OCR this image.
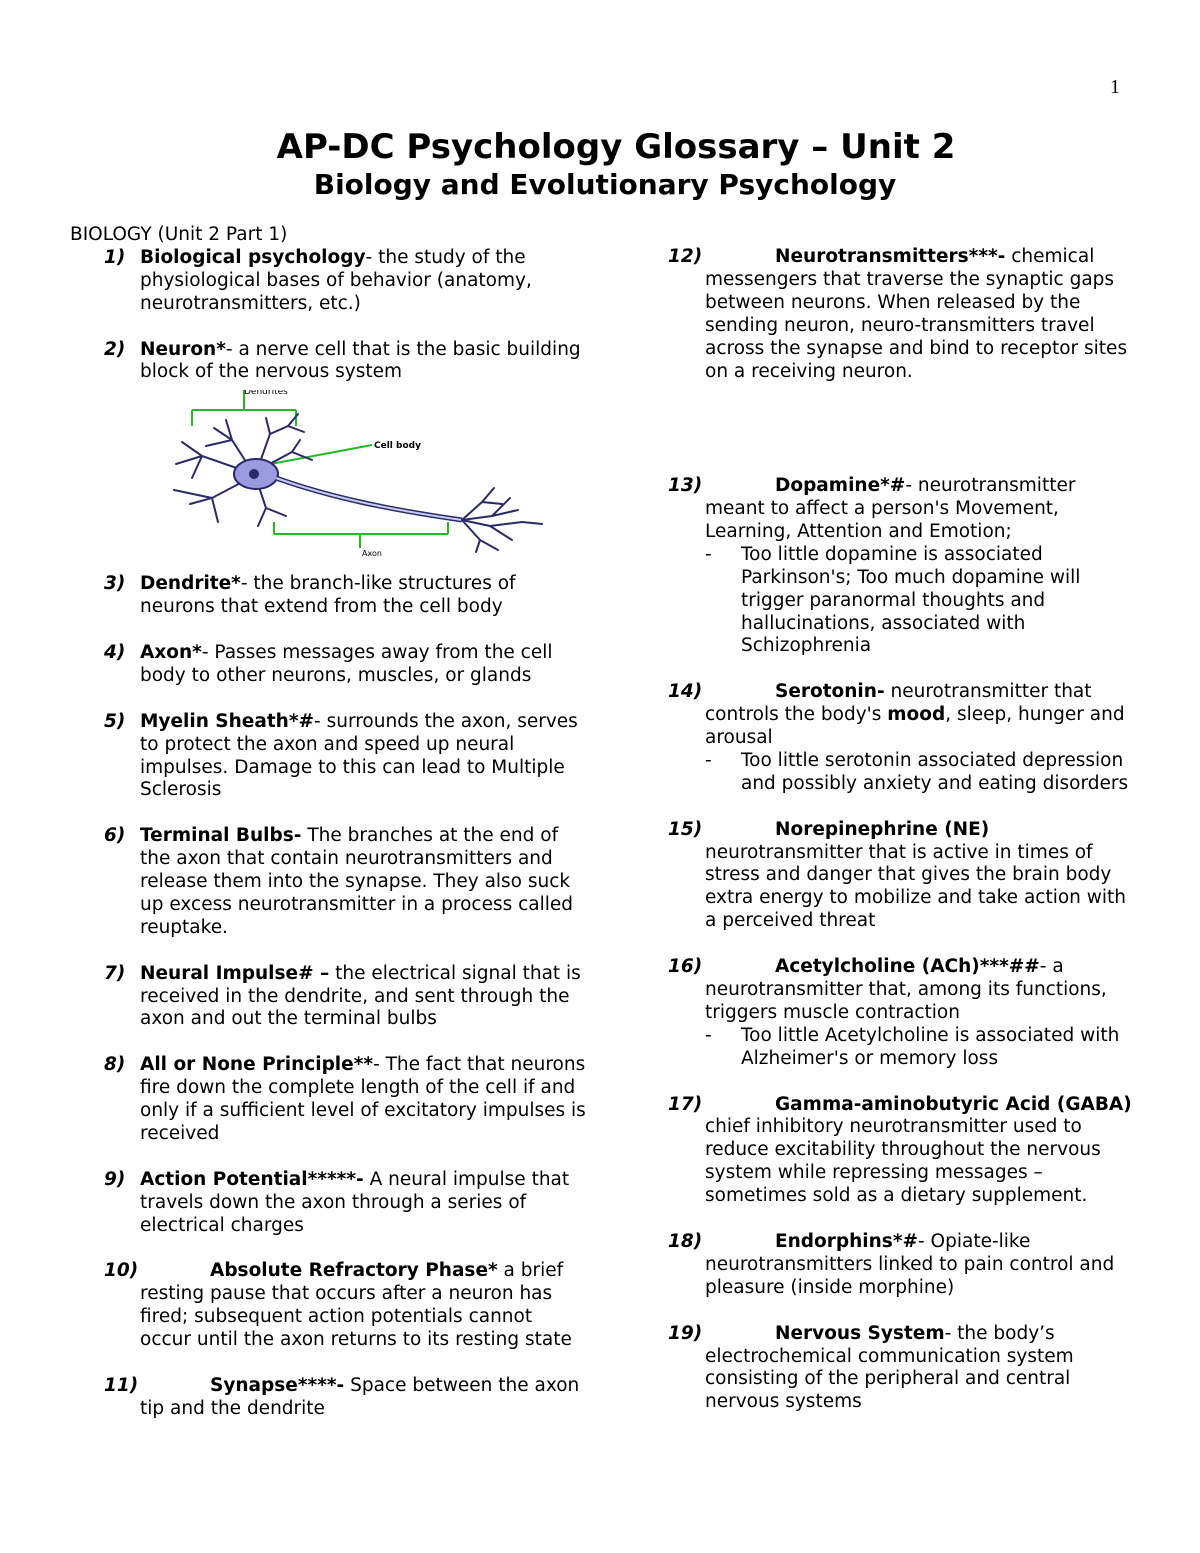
1
AP-DC Psychology Glossary – Unit 2
Biology and Evolutionary Psychology
BIOLOGY (Unit 2 Part 1)
1) Biological psychology- the study of the physiological bases of behavior (anatomy, neurotransmitters, etc.)

2) Neuron*- a nerve cell that is the basic building block of the nervous system
Dendrites
Cell body
Axon
3) Dendrite*- the branch-like structures of neurons that extend from the cell body

4) Axon*- Passes messages away from the cell body to other neurons, muscles, or glands

5) Myelin Sheath*#- surrounds the axon, serves to protect the axon and speed up neural impulses. Damage to this can lead to Multiple Sclerosis

6) Terminal Bulbs- The branches at the end of the axon that contain neurotransmitters and release them into the synapse. They also suck up excess neurotransmitter in a process called reuptake.

7) Neural Impulse# – the electrical signal that is received in the dendrite, and sent through the axon and out the terminal bulbs

8) All or None Principle**- The fact that neurons fire down the complete length of the cell if and only if a sufficient level of excitatory impulses is received

9) Action Potential*****- A neural impulse that travels down the axon through a series of electrical charges

10)	Absolute Refractory Phase* a brief resting pause that occurs after a neuron has fired; subsequent action potentials cannot occur until the axon returns to its resting state

11)	Synapse****- Space between the axon tip and the dendrite
12)	Neurotransmitters***- chemical messengers that traverse the synaptic gaps between neurons. When released by the sending neuron, neuro-transmitters travel across the synapse and bind to receptor sites on a receiving neuron.

13)	Dopamine*#- neurotransmitter meant to affect a person's Movement, Learning, Attention and Emotion;
- Too little dopamine is associated Parkinson's; Too much dopamine will trigger paranormal thoughts and hallucinations, associated with Schizophrenia

14)	Serotonin- neurotransmitter that controls the body's mood, sleep, hunger and arousal
- Too little serotonin associated depression and possibly anxiety and eating disorders

15)	Norepinephrine (NE) neurotransmitter that is active in times of stress and danger that gives the brain body extra energy to mobilize and take action with a perceived threat

16)	Acetylcholine (ACh)***##- a neurotransmitter that, among its functions, triggers muscle contraction
- Too little Acetylcholine is associated with Alzheimer's or memory loss

17)	Gamma-aminobutyric Acid (GABA) chief inhibitory neurotransmitter used to reduce excitability throughout the nervous system while repressing messages – sometimes sold as a dietary supplement.

18)	Endorphins*#- Opiate-like neurotransmitters linked to pain control and pleasure (inside morphine)

19)	Nervous System- the body’s electrochemical communication system consisting of the peripheral and central nervous systems
